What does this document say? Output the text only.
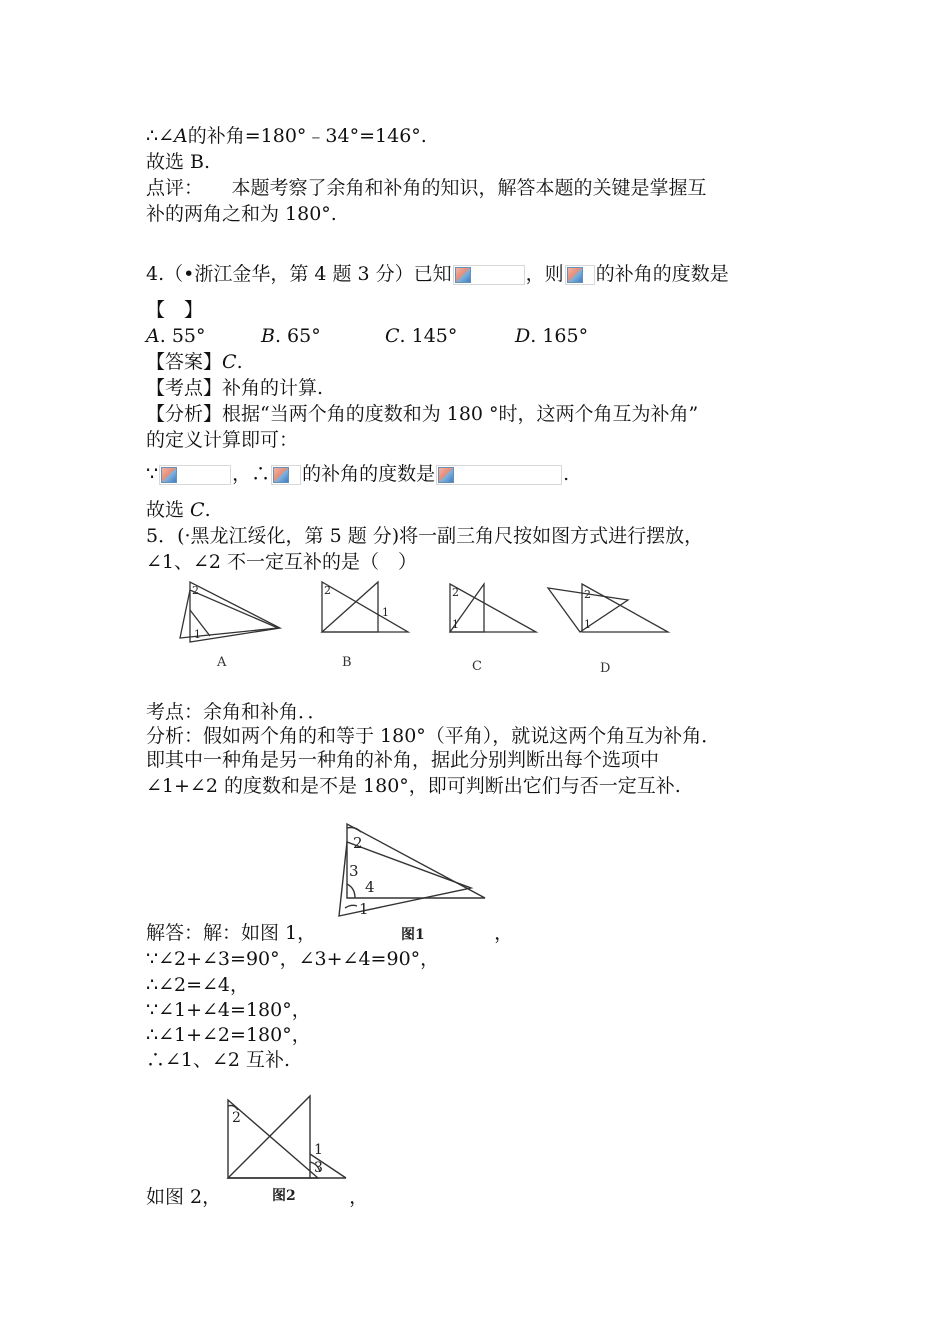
∴∠A的补角=180°﹣34°=146°.
故选 B.
点评：　　本题考察了余角和补角的知识，解答本题的关键是掌握互
补的两角之和为 180°.
4.（•浙江金华，第 4 题 3 分）已知	，则 的补角的度数是
【　】
A. 55°	B. 65°	C. 145°	D. 165°
【答案】C.
【考点】补角的计算.
【分析】根据“当两个角的度数和为 180 °时，这两个角互为补角”
的定义计算即可：
∵	，∴ 的补角的度数是	.
故选 C.
5．(·黑龙江绥化，第 5 题 分)将一副三角尺按如图方式进行摆放，
∠1、∠2 不一定互补的是（　）
2
1
2
1
2
1
2
1
A	B	C	D
考点：余角和补角．．
分析：假如两个角的和等于 180°（平角），就说这两个角互为补角．
即其中一种角是另一种角的补角，据此分别判断出每个选项中
∠1+∠2 的度数和是不是 180°，即可判断出它们与否一定互补.
2
3
4
1
图1
解答：解：如图 1，	，
∵∠2+∠3=90°，∠3+∠4=90°，
∴∠2=∠4，
∵∠1+∠4=180°，
∴∠1+∠2=180°，
∴∠1、∠2 互补.
2
1
3
图2
如图 2，	，
